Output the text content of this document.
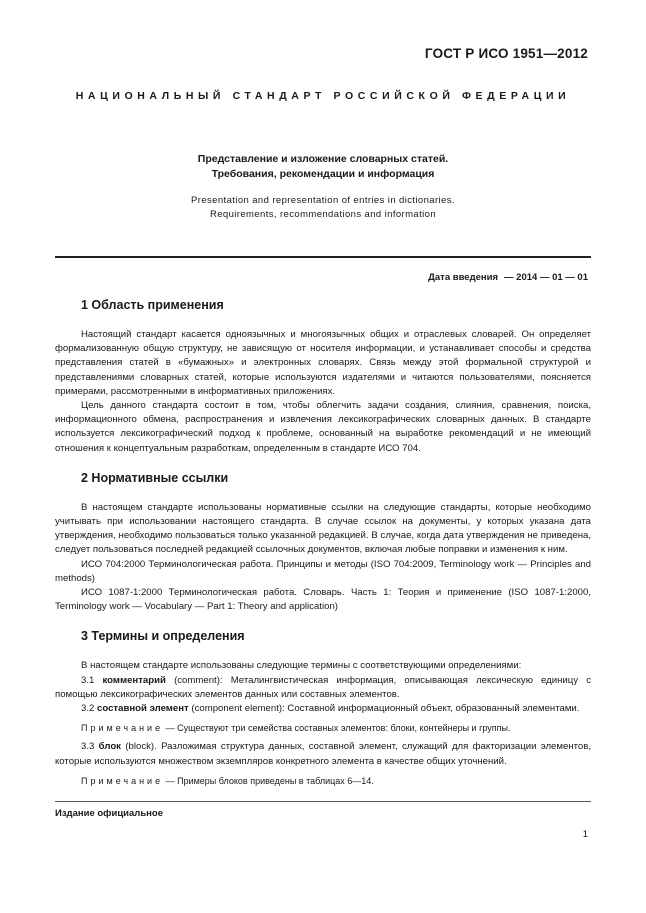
ГОСТ Р ИСО 1951—2012
НАЦИОНАЛЬНЫЙ СТАНДАРТ РОССИЙСКОЙ ФЕДЕРАЦИИ
Представление и изложение словарных статей.
Требования, рекомендации и информация
Presentation and representation of entries in dictionaries.
Requirements, recommendations and information
Дата введения — 2014 — 01 — 01
1 Область применения

Настоящий стандарт касается одноязычных и многоязычных общих и отраслевых словарей. Он определяет формализованную общую структуру, не зависящую от носителя информации, и устанавливает способы и средства представления статей в «бумажных» и электронных словарях. Связь между этой формальной структурой и представлениями словарных статей, которые используются издателями и читаются пользователями, поясняется примерами, рассмотренными в информативных приложениях.

Цель данного стандарта состоит в том, чтобы облегчить задачи создания, слияния, сравнения, поиска, информационного обмена, распространения и извлечения лексикографических словарных данных. В стандарте используется лексикографический подход к проблеме, основанный на выработке рекомендаций и не имеющий отношения к концептуальным разработкам, определенным в стандарте ИСО 704.

2 Нормативные ссылки

В настоящем стандарте использованы нормативные ссылки на следующие стандарты, которые необходимо учитывать при использовании настоящего стандарта. В случае ссылок на документы, у которых указана дата утверждения, необходимо пользоваться только указанной редакцией. В случае, когда дата утверждения не приведена, следует пользоваться последней редакцией ссылочных документов, включая любые поправки и изменения к ним.

ИСО 704:2000 Терминологическая работа. Принципы и методы (ISO 704:2009, Terminology work — Principles and methods)

ИСО 1087-1:2000 Терминологическая работа. Словарь. Часть 1: Теория и применение (ISO 1087-1:2000, Terminology work — Vocabulary — Part 1: Theory and application)

3 Термины и определения

В настоящем стандарте использованы следующие термины с соответствующими определениями:

3.1 комментарий (comment): Металингвистическая информация, описывающая лексическую единицу с помощью лексикографических элементов данных или составных элементов.

3.2 составной элемент (component element): Составной информационный объект, образованный элементами.

Примечание — Существуют три семейства составных элементов: блоки, контейнеры и группы.

3.3 блок (block). Разложимая структура данных, составной элемент, служащий для факторизации элементов, которые используются множеством экземпляров конкретного элемента в качестве общих уточнений.

Примечание — Примеры блоков приведены в таблицах 6—14.

Издание официальное
1
